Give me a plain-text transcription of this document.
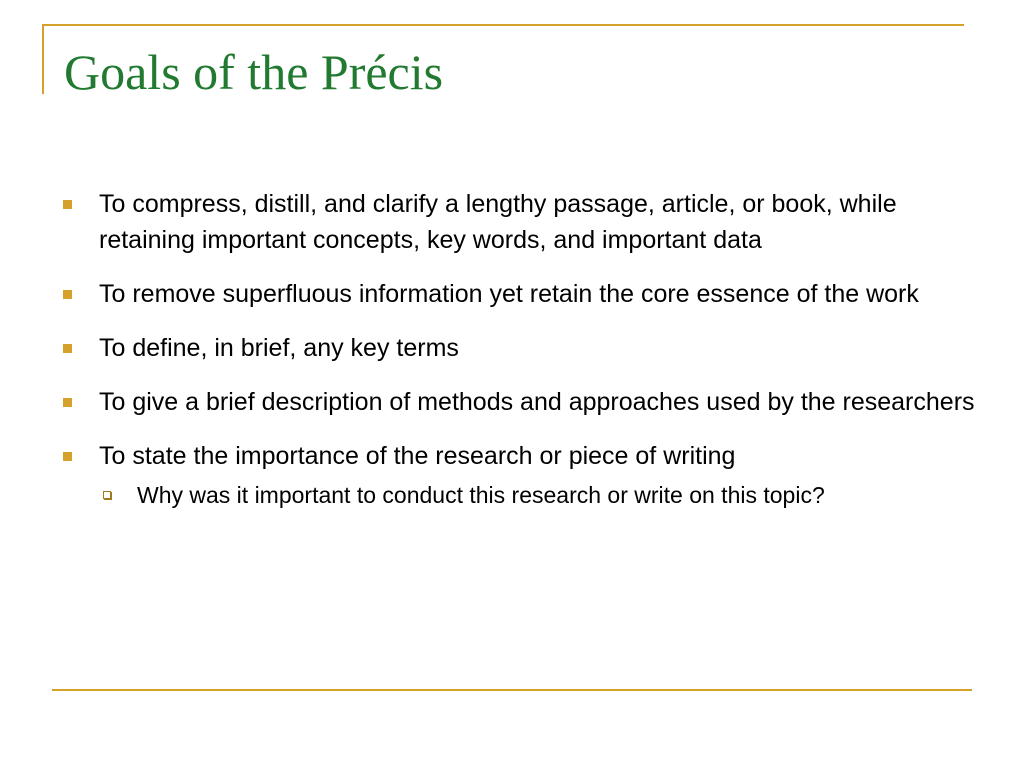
Goals of the Précis
To compress, distill, and clarify a lengthy passage, article, or book, while retaining important concepts, key words, and important data
To remove superfluous information yet retain the core essence of the work
To define, in brief, any key terms
To give a brief description of methods and approaches used by the researchers
To state the importance of the research or piece of writing
Why was it important to conduct this research or write on this topic?
